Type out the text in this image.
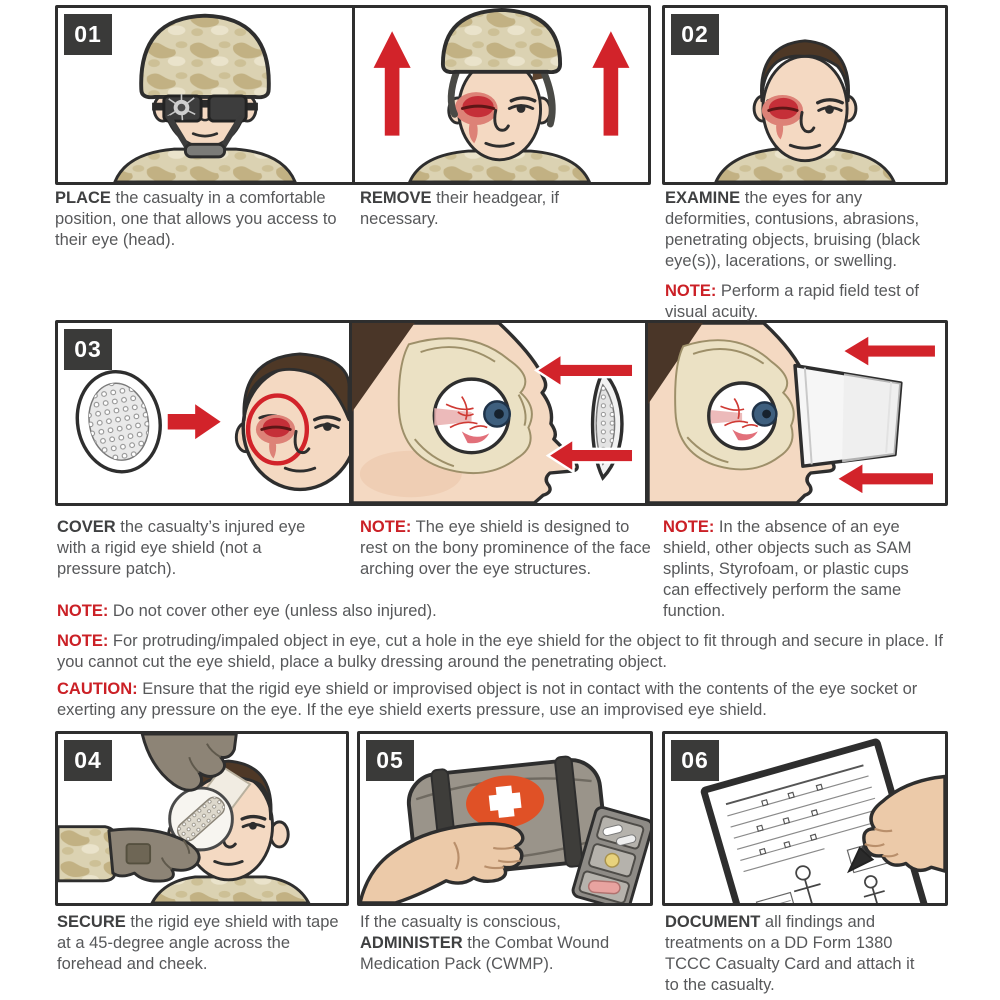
01	02
03
04	05	06
PLACE the casualty in a comfortable position, one that allows you access to their eye (head).
REMOVE their headgear, if necessary.
EXAMINE the eyes for any deformities, contusions, abrasions, penetrating objects, bruising (black eye(s)), lacerations, or swelling.
NOTE: Perform a rapid field test of visual acuity.
COVER the casualty’s injured eye with a rigid eye shield (not a pressure patch).
NOTE: The eye shield is designed to rest on the bony prominence of the face arching over the eye structures.
NOTE: In the absence of an eye shield, other objects such as SAM splints, Styrofoam, or plastic cups can effectively perform the same function.
NOTE: Do not cover other eye (unless also injured).
NOTE: For protruding/impaled object in eye, cut a hole in the eye shield for the object to fit through and secure in place. If you cannot cut the eye shield, place a bulky dressing around the penetrating object.
CAUTION: Ensure that the rigid eye shield or improvised object is not in contact with the contents of the eye socket or exerting any pressure on the eye. If the eye shield exerts pressure, use an improvised eye shield.
SECURE the rigid eye shield with tape at a 45-degree angle across the forehead and cheek.
If the casualty is conscious, ADMINISTER the Combat Wound Medication Pack (CWMP).
DOCUMENT all findings and treatments on a DD Form 1380 TCCC Casualty Card and attach it to the casualty.
